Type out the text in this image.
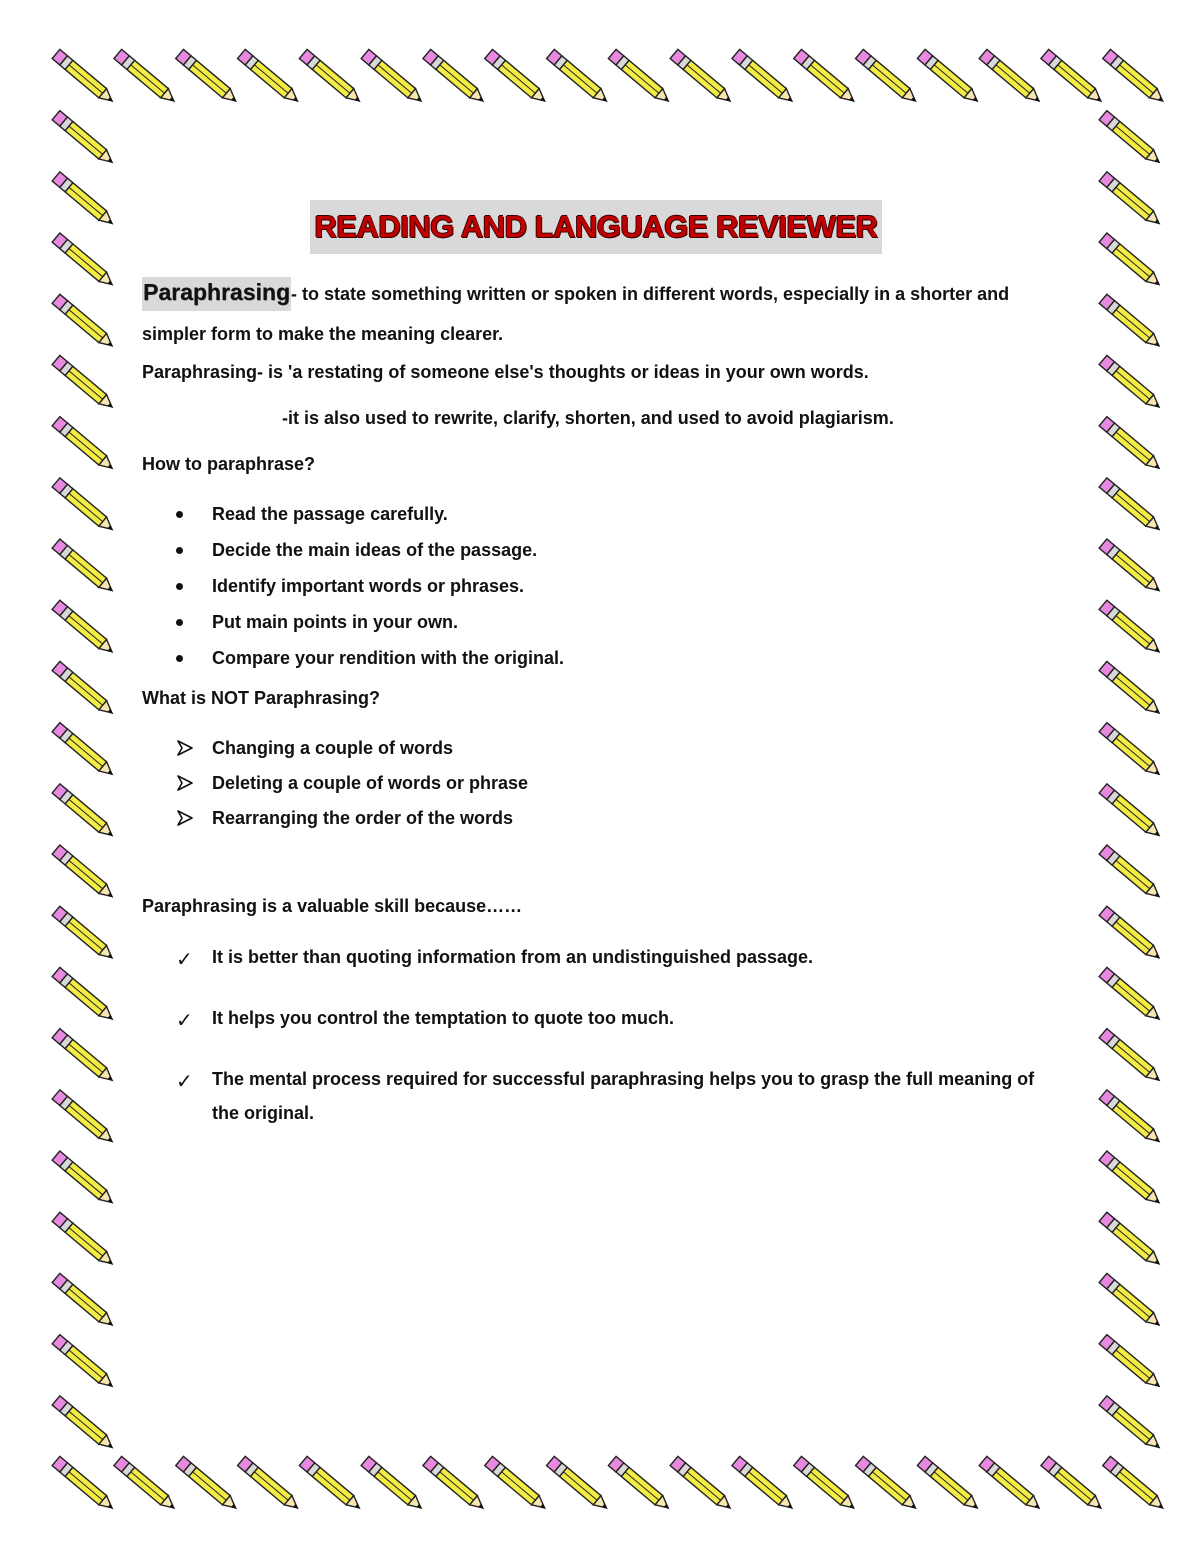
READING AND LANGUAGE REVIEWER

Paraphrasing- to state something written or spoken in different words, especially in a shorter and simpler form to make the meaning clearer.

Paraphrasing- is 'a restating of someone else's thoughts or ideas in your own words.

-it is also used to rewrite, clarify, shorten, and used to avoid plagiarism.

How to paraphrase?

Read the passage carefully.
Decide the main ideas of the passage.
Identify important words or phrases.
Put main points in your own.
Compare your rendition with the original.

What is NOT Paraphrasing?

Changing a couple of words
Deleting a couple of words or phrase
Rearranging the order of the words

Paraphrasing is a valuable skill because……

✓ It is better than quoting information from an undistinguished passage.
✓ It helps you control the temptation to quote too much.
✓ The mental process required for successful paraphrasing helps you to grasp the full meaning of the original.
